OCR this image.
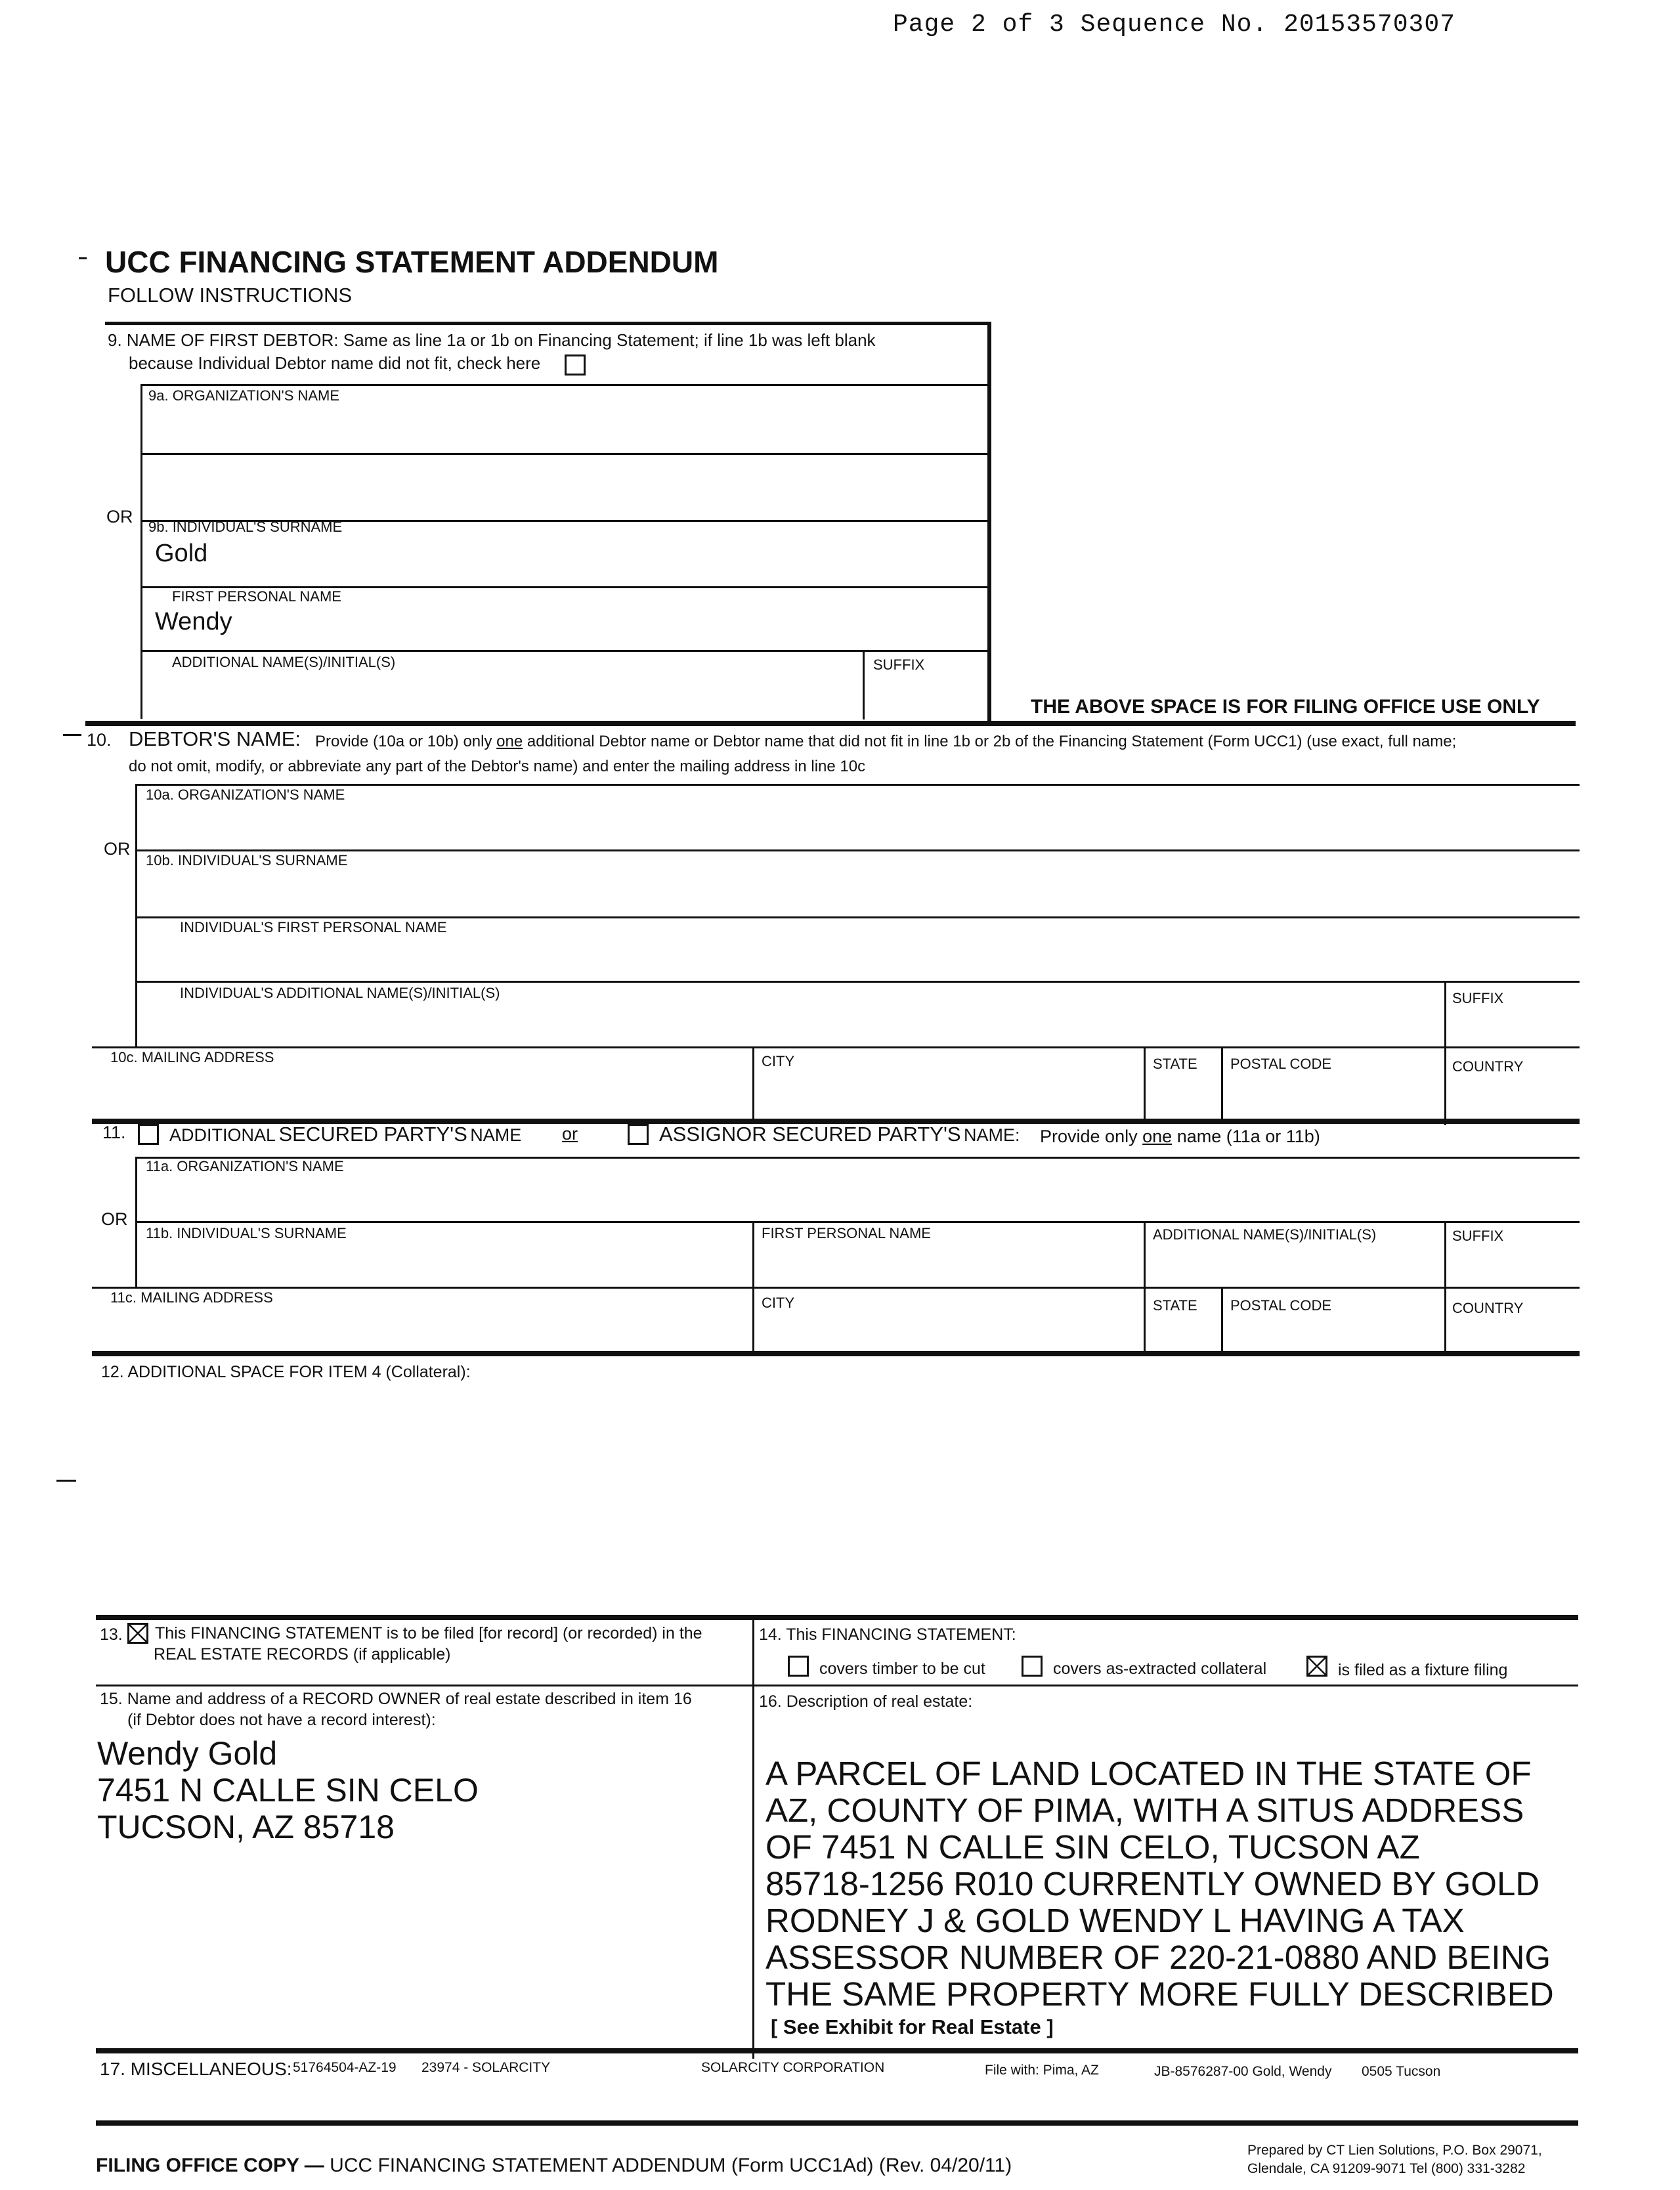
Page 2 of 3 Sequence No. 20153570307
UCC FINANCING STATEMENT ADDENDUM
FOLLOW INSTRUCTIONS
9. NAME OF FIRST DEBTOR: Same as line 1a or 1b on Financing Statement; if line 1b was left blank
because Individual Debtor name did not fit, check here
9a. ORGANIZATION'S NAME
OR
9b. INDIVIDUAL'S SURNAME
Gold
FIRST PERSONAL NAME
Wendy
ADDITIONAL NAME(S)/INITIAL(S)	SUFFIX
THE ABOVE SPACE IS FOR FILING OFFICE USE ONLY
10. DEBTOR'S NAME: Provide (10a or 10b) only one additional Debtor name or Debtor name that did not fit in line 1b or 2b of the Financing Statement (Form UCC1) (use exact, full name;
do not omit, modify, or abbreviate any part of the Debtor's name) and enter the mailing address in line 10c
10a. ORGANIZATION'S NAME
OR
10b. INDIVIDUAL'S SURNAME
INDIVIDUAL'S FIRST PERSONAL NAME
INDIVIDUAL'S ADDITIONAL NAME(S)/INITIAL(S)	SUFFIX
10c. MAILING ADDRESS	CITY	STATE POSTAL CODE	COUNTRY
11. ADDITIONAL SECURED PARTY'S NAME or	ASSIGNOR SECURED PARTY'S NAME: Provide only one name (11a or 11b)
11a. ORGANIZATION'S NAME
OR
11b. INDIVIDUAL'S SURNAME	FIRST PERSONAL NAME	ADDITIONAL NAME(S)/INITIAL(S)	SUFFIX
11c. MAILING ADDRESS	CITY	STATE POSTAL CODE	COUNTRY
12. ADDITIONAL SPACE FOR ITEM 4 (Collateral):
13. This FINANCING STATEMENT is to be filed [for record] (or recorded) in the
REAL ESTATE RECORDS (if applicable)
14. This FINANCING STATEMENT:
covers timber to be cut	covers as-extracted collateral	is filed as a fixture filing
15. Name and address of a RECORD OWNER of real estate described in item 16
(if Debtor does not have a record interest):
Wendy Gold
7451 N CALLE SIN CELO
TUCSON, AZ 85718
16. Description of real estate:
A PARCEL OF LAND LOCATED IN THE STATE OF
AZ, COUNTY OF PIMA, WITH A SITUS ADDRESS
OF 7451 N CALLE SIN CELO, TUCSON AZ
85718-1256 R010 CURRENTLY OWNED BY GOLD
RODNEY J & GOLD WENDY L HAVING A TAX
ASSESSOR NUMBER OF 220-21-0880 AND BEING
THE SAME PROPERTY MORE FULLY DESCRIBED
[ See Exhibit for Real Estate ]
17. MISCELLANEOUS: 51764504-AZ-19 23974 - SOLARCITY	SOLARCITY CORPORATION	File with: Pima, AZ	JB-8576287-00 Gold, Wendy 0505 Tucson
FILING OFFICE COPY — UCC FINANCING STATEMENT ADDENDUM (Form UCC1Ad) (Rev. 04/20/11)
Prepared by CT Lien Solutions, P.O. Box 29071,
Glendale, CA 91209-9071 Tel (800) 331-3282
